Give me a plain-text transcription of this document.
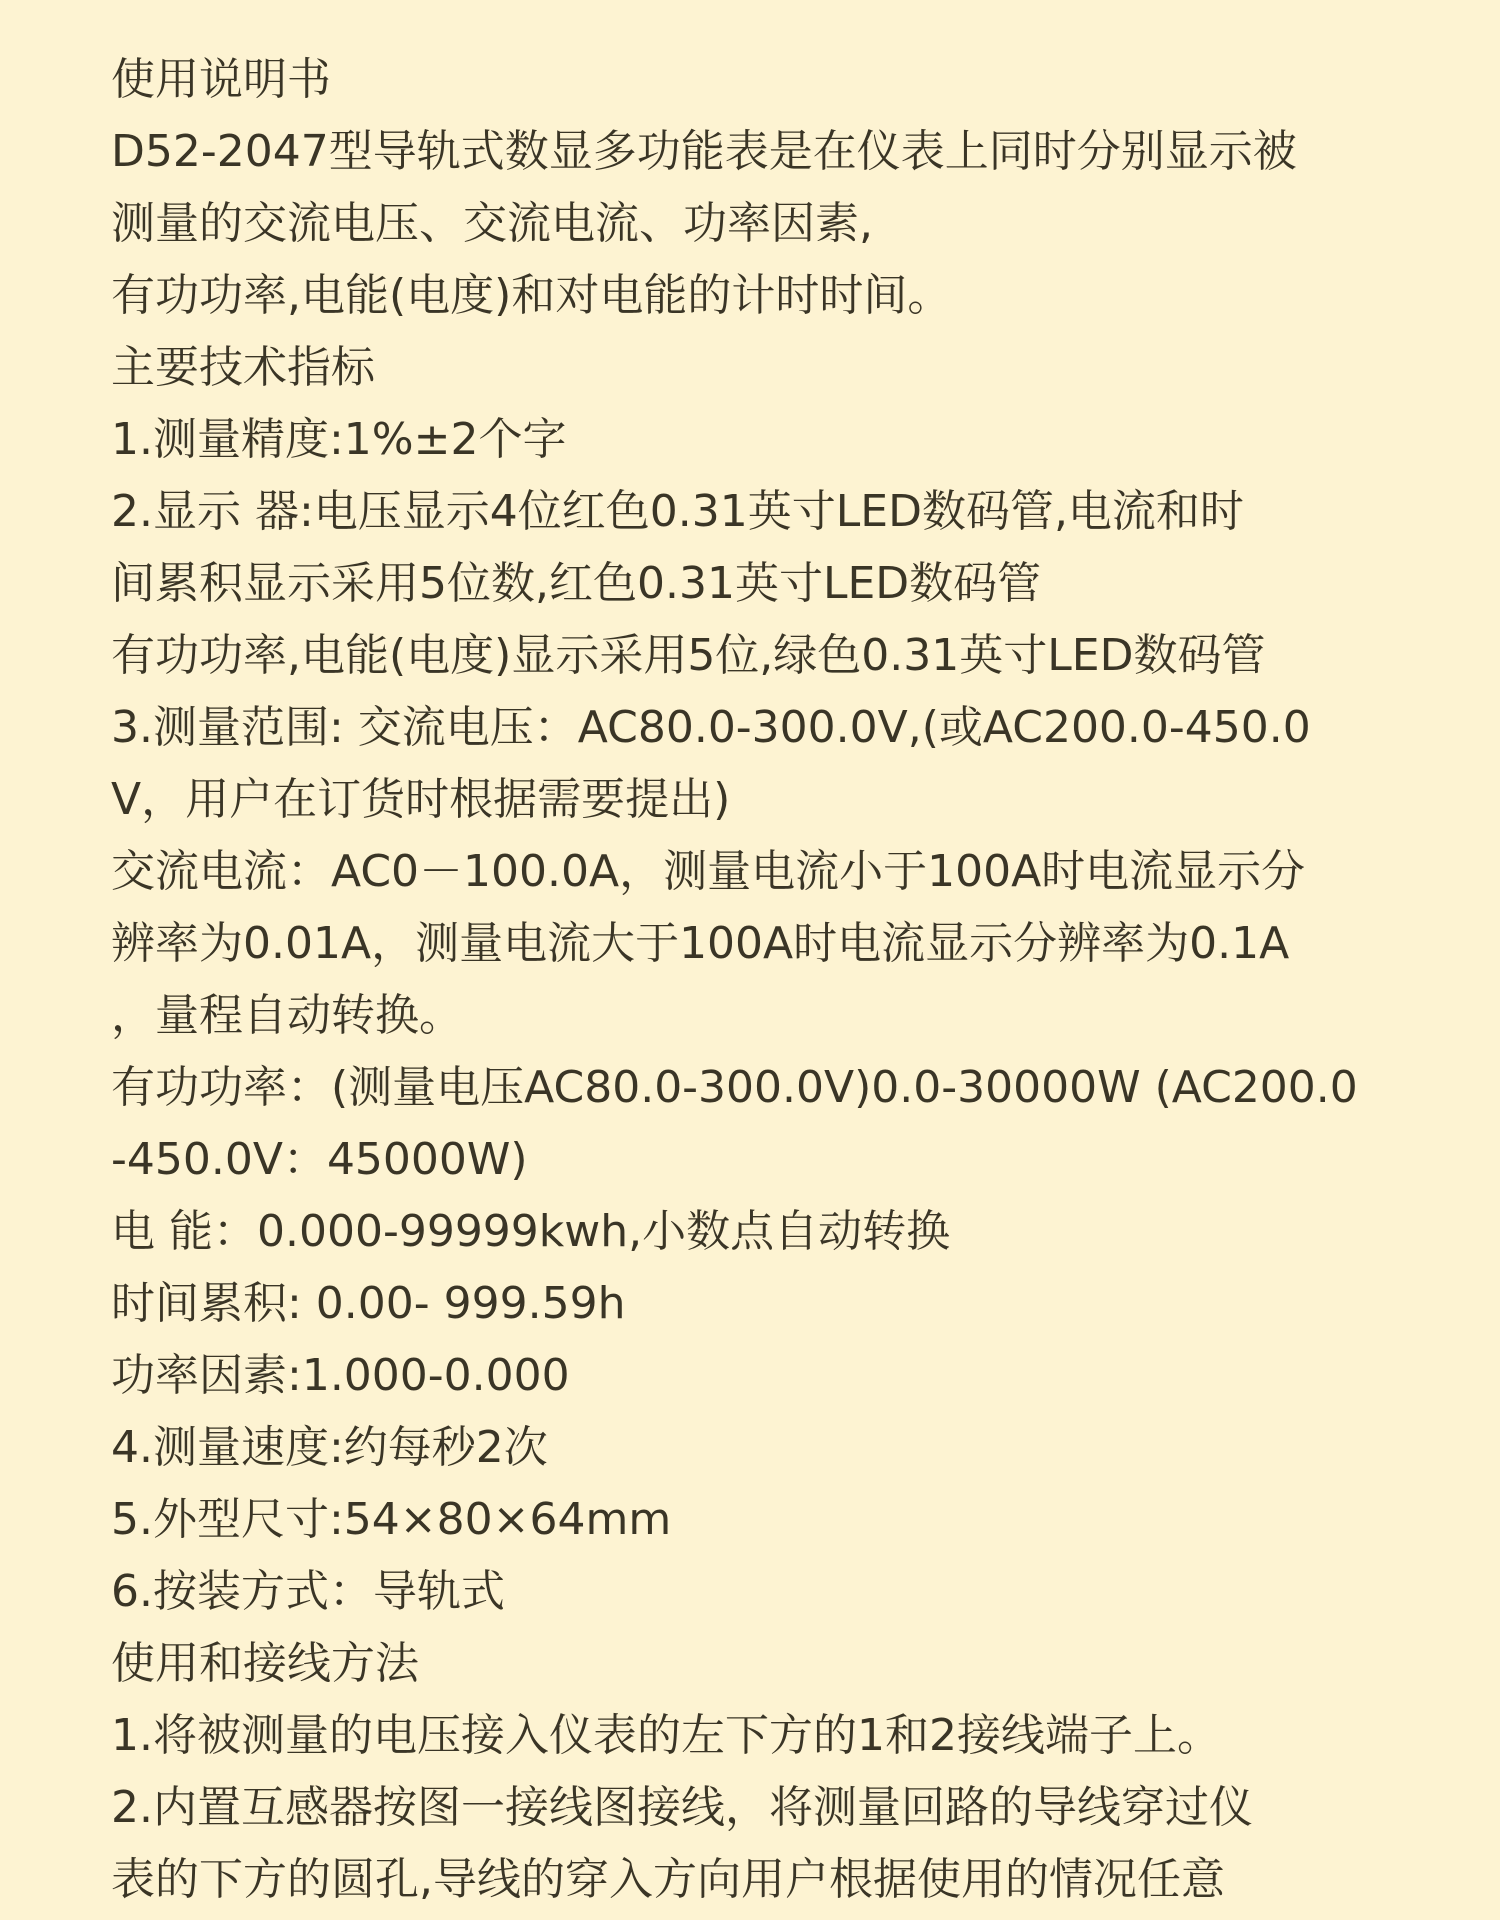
使用说明书
D52-2047型导轨式数显多功能表是在仪表上同时分别显示被
测量的交流电压、交流电流、功率因素,
有功功率,电能(电度)和对电能的计时时间。
主要技术指标
1.测量精度:1%±2个字
2.显示 器:电压显示4位红色0.31英寸LED数码管,电流和时
间累积显示采用5位数,红色0.31英寸LED数码管
有功功率,电能(电度)显示采用5位,绿色0.31英寸LED数码管
3.测量范围: 交流电压：AC80.0-300.0V,(或AC200.0-450.0
V，用户在订货时根据需要提出)
交流电流：AC0－100.0A，测量电流小于100A时电流显示分
辨率为0.01A，测量电流大于100A时电流显示分辨率为0.1A
，量程自动转换。
有功功率：(测量电压AC80.0-300.0V)0.0-30000W (AC200.0
-450.0V：45000W)
电 能：0.000-99999kwh,小数点自动转换
时间累积: 0.00- 999.59h
功率因素:1.000-0.000
4.测量速度:约每秒2次
5.外型尺寸:54×80×64mm
6.按装方式：导轨式
使用和接线方法
1.将被测量的电压接入仪表的左下方的1和2接线端子上。
2.内置互感器按图一接线图接线，将测量回路的导线穿过仪
表的下方的圆孔,导线的穿入方向用户根据使用的情况任意
